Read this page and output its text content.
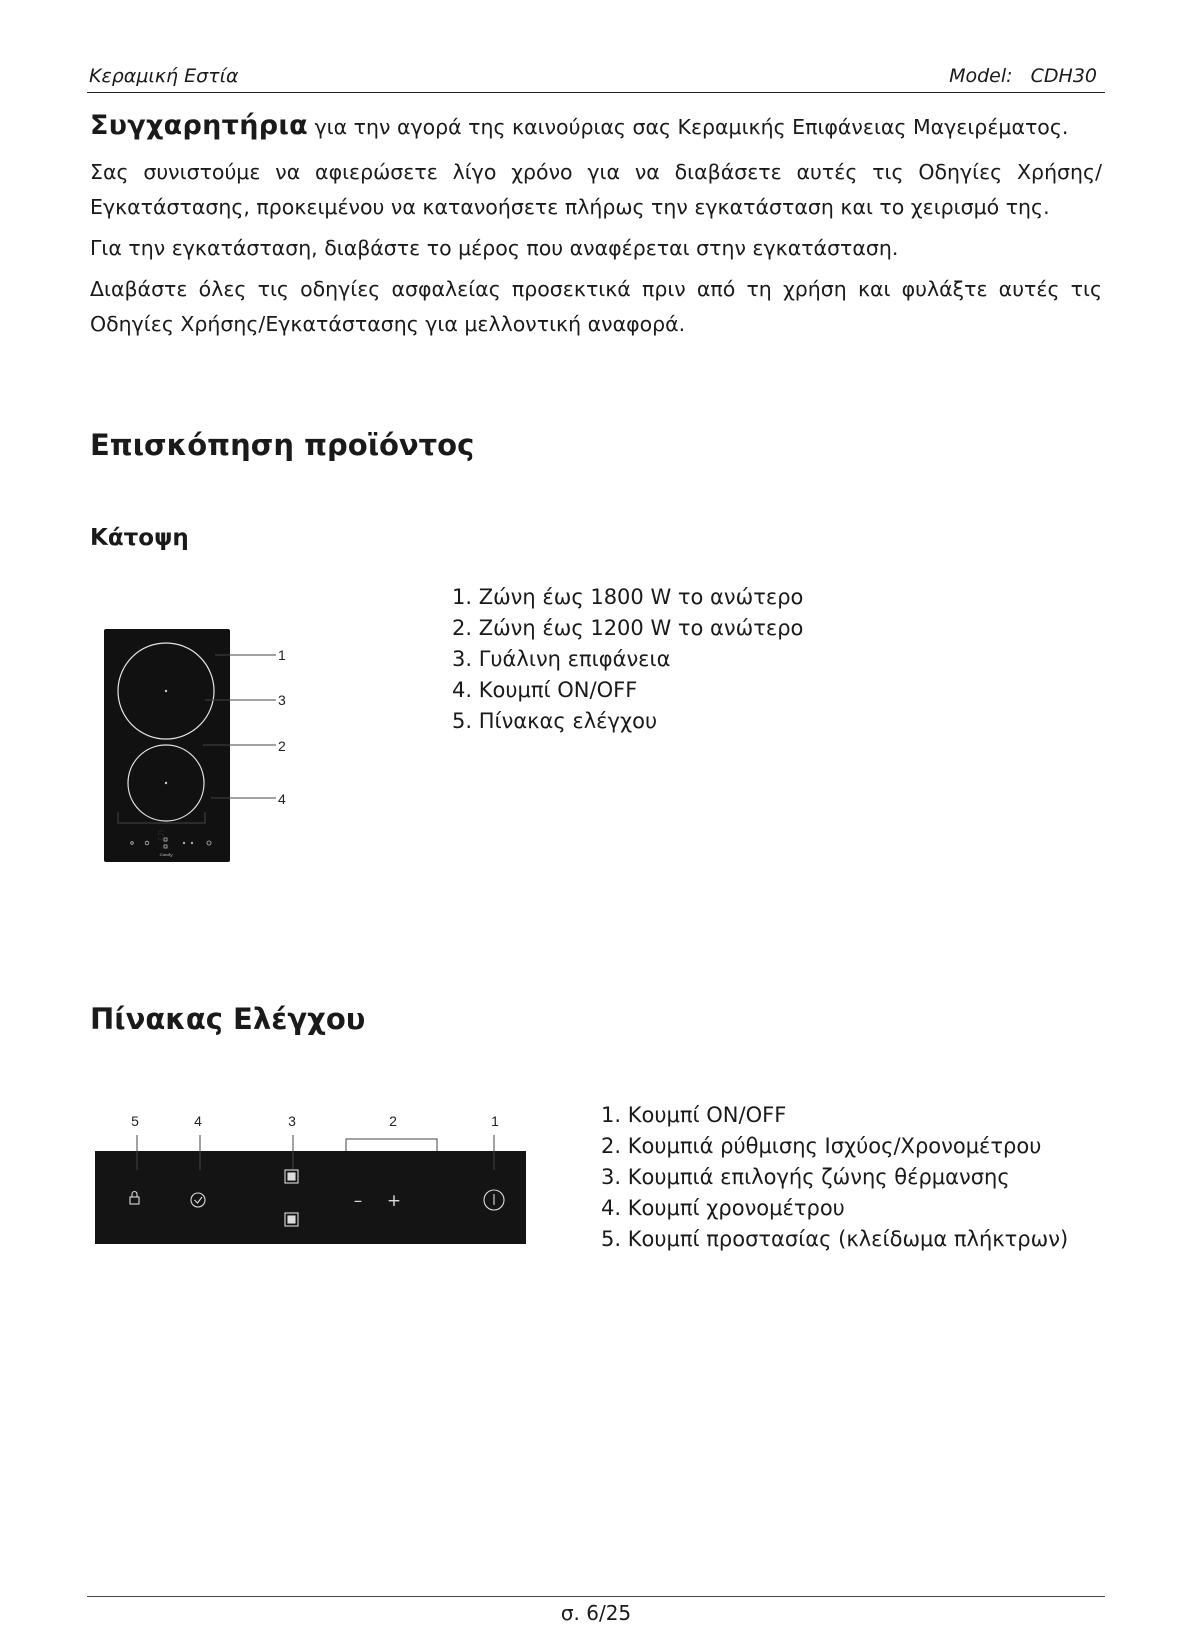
Κεραμική Εστία	Model:   CDH30

Συγχαρητήρια για την αγορά της καινούριας σας Κεραμικής Επιφάνειας Μαγειρέματος.

Σας συνιστούμε να αφιερώσετε λίγο χρόνο για να διαβάσετε αυτές τις Οδηγίες Χρήσης/Εγκατάστασης, προκειμένου να κατανοήσετε πλήρως την εγκατάσταση και το χειρισμό της.

Για την εγκατάσταση, διαβάστε το μέρος που αναφέρεται στην εγκατάσταση.

Διαβάστε όλες τις οδηγίες ασφαλείας προσεκτικά πριν από τη χρήση και φυλάξτε αυτές τις Οδηγίες Χρήσης/Εγκατάστασης για μελλοντική αναφορά.

Επισκόπηση προϊόντος
Κάτοψη
Candy
1
3
2
4
5
1. Ζώνη έως 1800 W το ανώτερο
2. Ζώνη έως 1200 W το ανώτερο
3. Γυάλινη επιφάνεια
4. Κουμπί ON/OFF
5. Πίνακας ελέγχου
Πίνακας Ελέγχου
5	4	3	2	1
– +
1. Κουμπί ON/OFF
2. Κουμπιά ρύθμισης Ισχύος/Χρονομέτρου
3. Κουμπιά επιλογής ζώνης θέρμανσης
4. Κουμπί χρονομέτρου
5. Κουμπί προστασίας (κλείδωμα πλήκτρων)
σ. 6/25
